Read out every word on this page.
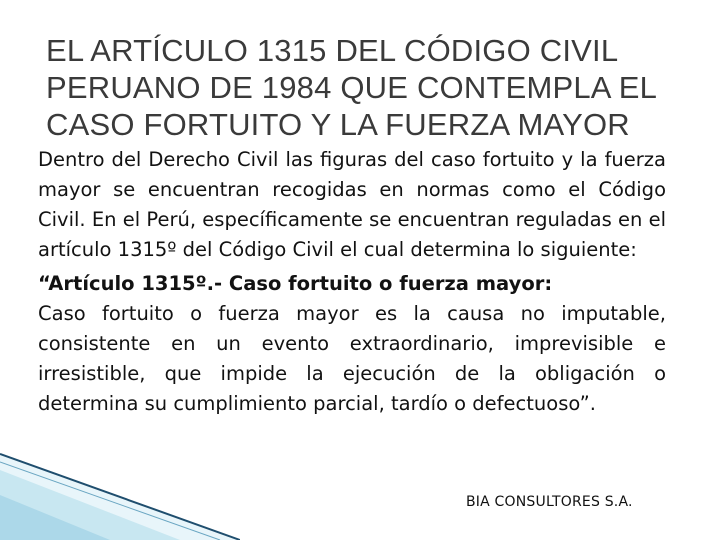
EL ARTÍCULO 1315 DEL CÓDIGO CIVIL
PERUANO DE 1984 QUE CONTEMPLA EL
CASO FORTUITO Y LA FUERZA MAYOR

Dentro del Derecho Civil las figuras del caso fortuito y la fuerza mayor se encuentran recogidas en normas como el Código Civil. En el Perú, específicamente se encuentran reguladas en el artículo 1315º del Código Civil el cual determina lo siguiente:

“Artículo 1315º.- Caso fortuito o fuerza mayor:

Caso fortuito o fuerza mayor es la causa no imputable, consistente en un evento extraordinario, imprevisible e irresistible, que impide la ejecución de la obligación o determina su cumplimiento parcial, tardío o defectuoso”.

BIA CONSULTORES S.A.
